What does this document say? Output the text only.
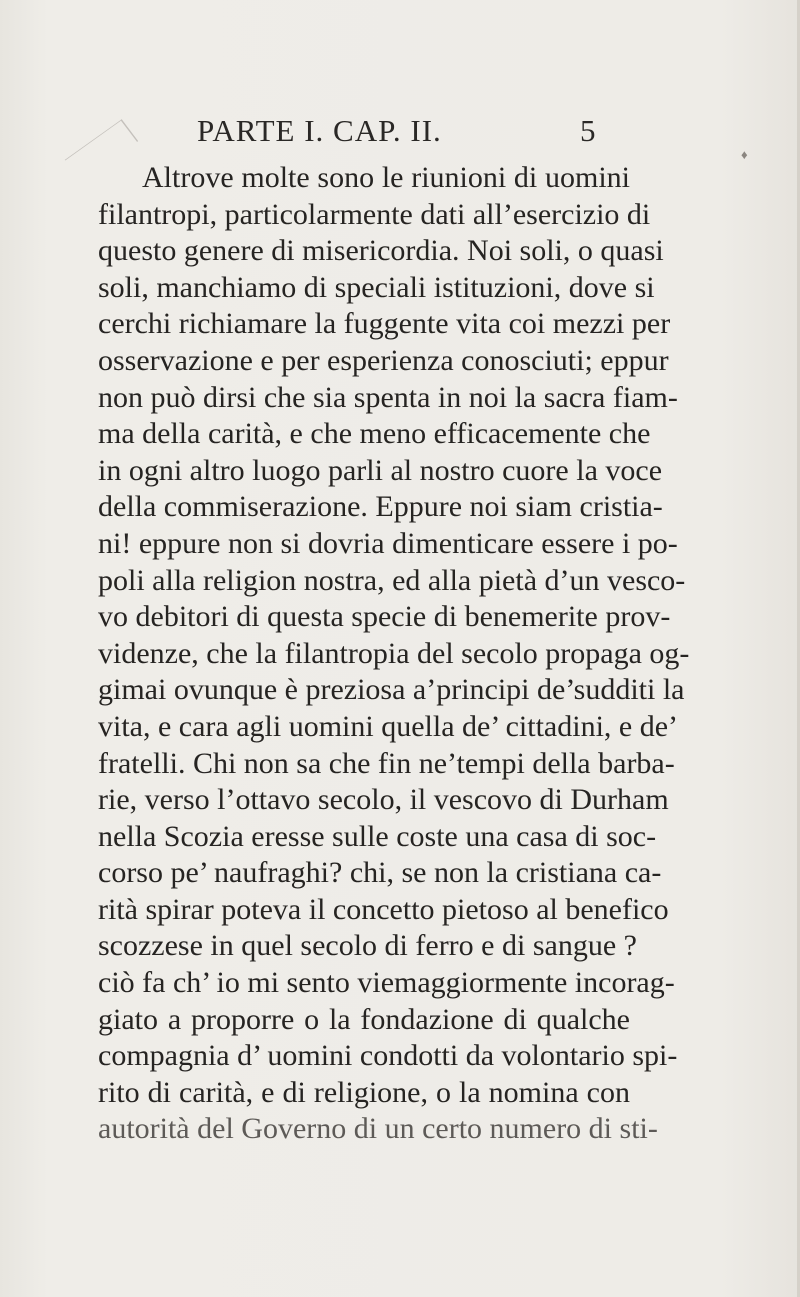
PARTE I. CAP. II.	5
♦
Altrove molte sono le riunioni di uomini
filantropi, particolarmente dati all’esercizio di
questo genere di misericordia. Noi soli, o quasi
soli, manchiamo di speciali istituzioni, dove si
cerchi richiamare la fuggente vita coi mezzi per
osservazione e per esperienza conosciuti; eppur
non può dirsi che sia spenta in noi la sacra fiam-
ma della carità, e che meno efficacemente che
in ogni altro luogo parli al nostro cuore la voce
della commiserazione. Eppure noi siam cristia-
ni! eppure non si dovria dimenticare essere i po-
poli alla religion nostra, ed alla pietà d’un vesco-
vo debitori di questa specie di benemerite prov-
videnze, che la filantropia del secolo propaga og-
gimai ovunque è preziosa a’principi de’sudditi la
vita, e cara agli uomini quella de’ cittadini, e de’
fratelli. Chi non sa che fin ne’tempi della barba-
rie, verso l’ottavo secolo, il vescovo di Durham
nella Scozia eresse sulle coste una casa di soc-
corso pe’ naufraghi? chi, se non la cristiana ca-
rità spirar poteva il concetto pietoso al benefico
scozzese in quel secolo di ferro e di sangue ?
ciò fa ch’ io mi sento viemaggiormente incorag-
giato a proporre o la fondazione di qualche
compagnia d’ uomini condotti da volontario spi-
rito di carità, e di religione, o la nomina con
autorità del Governo di un certo numero di sti-
